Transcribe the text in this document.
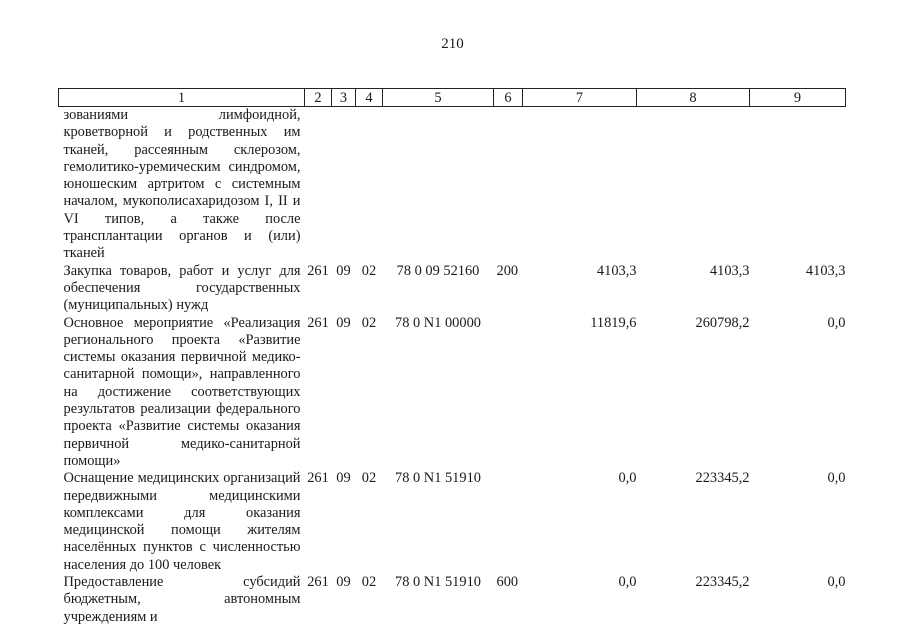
210
1	2	3	4	5	6	7	8	9
зованиями лимфоидной, кроветворной и родственных им тканей, рассеянным склерозом, гемолитико-уремическим синдромом, юношеским артритом с системным началом, мукополисахаридозом I, II и VI типов, а также после трансплантации органов и (или) тканей								
Закупка товаров, работ и услуг для обеспечения государственных (муниципальных) нужд	261	09	02	78 0 09 52160	200	4103,3	4103,3	4103,3
Основное мероприятие «Реализация регионального проекта «Развитие системы оказания первичной медико-санитарной помощи», направленного на достижение соответствующих результатов реализации федерального проекта «Развитие системы оказания первичной медико-санитарной помощи»	261	09	02	78 0 N1 00000		11819,6	260798,2	0,0
Оснащение медицинских организаций передвижными медицинскими комплексами для оказания медицинской помощи жителям населённых пунктов с численностью населения до 100 человек	261	09	02	78 0 N1 51910		0,0	223345,2	0,0
Предоставление субсидий бюджетным, автономным учреждениям и	261	09	02	78 0 N1 51910	600	0,0	223345,2	0,0
